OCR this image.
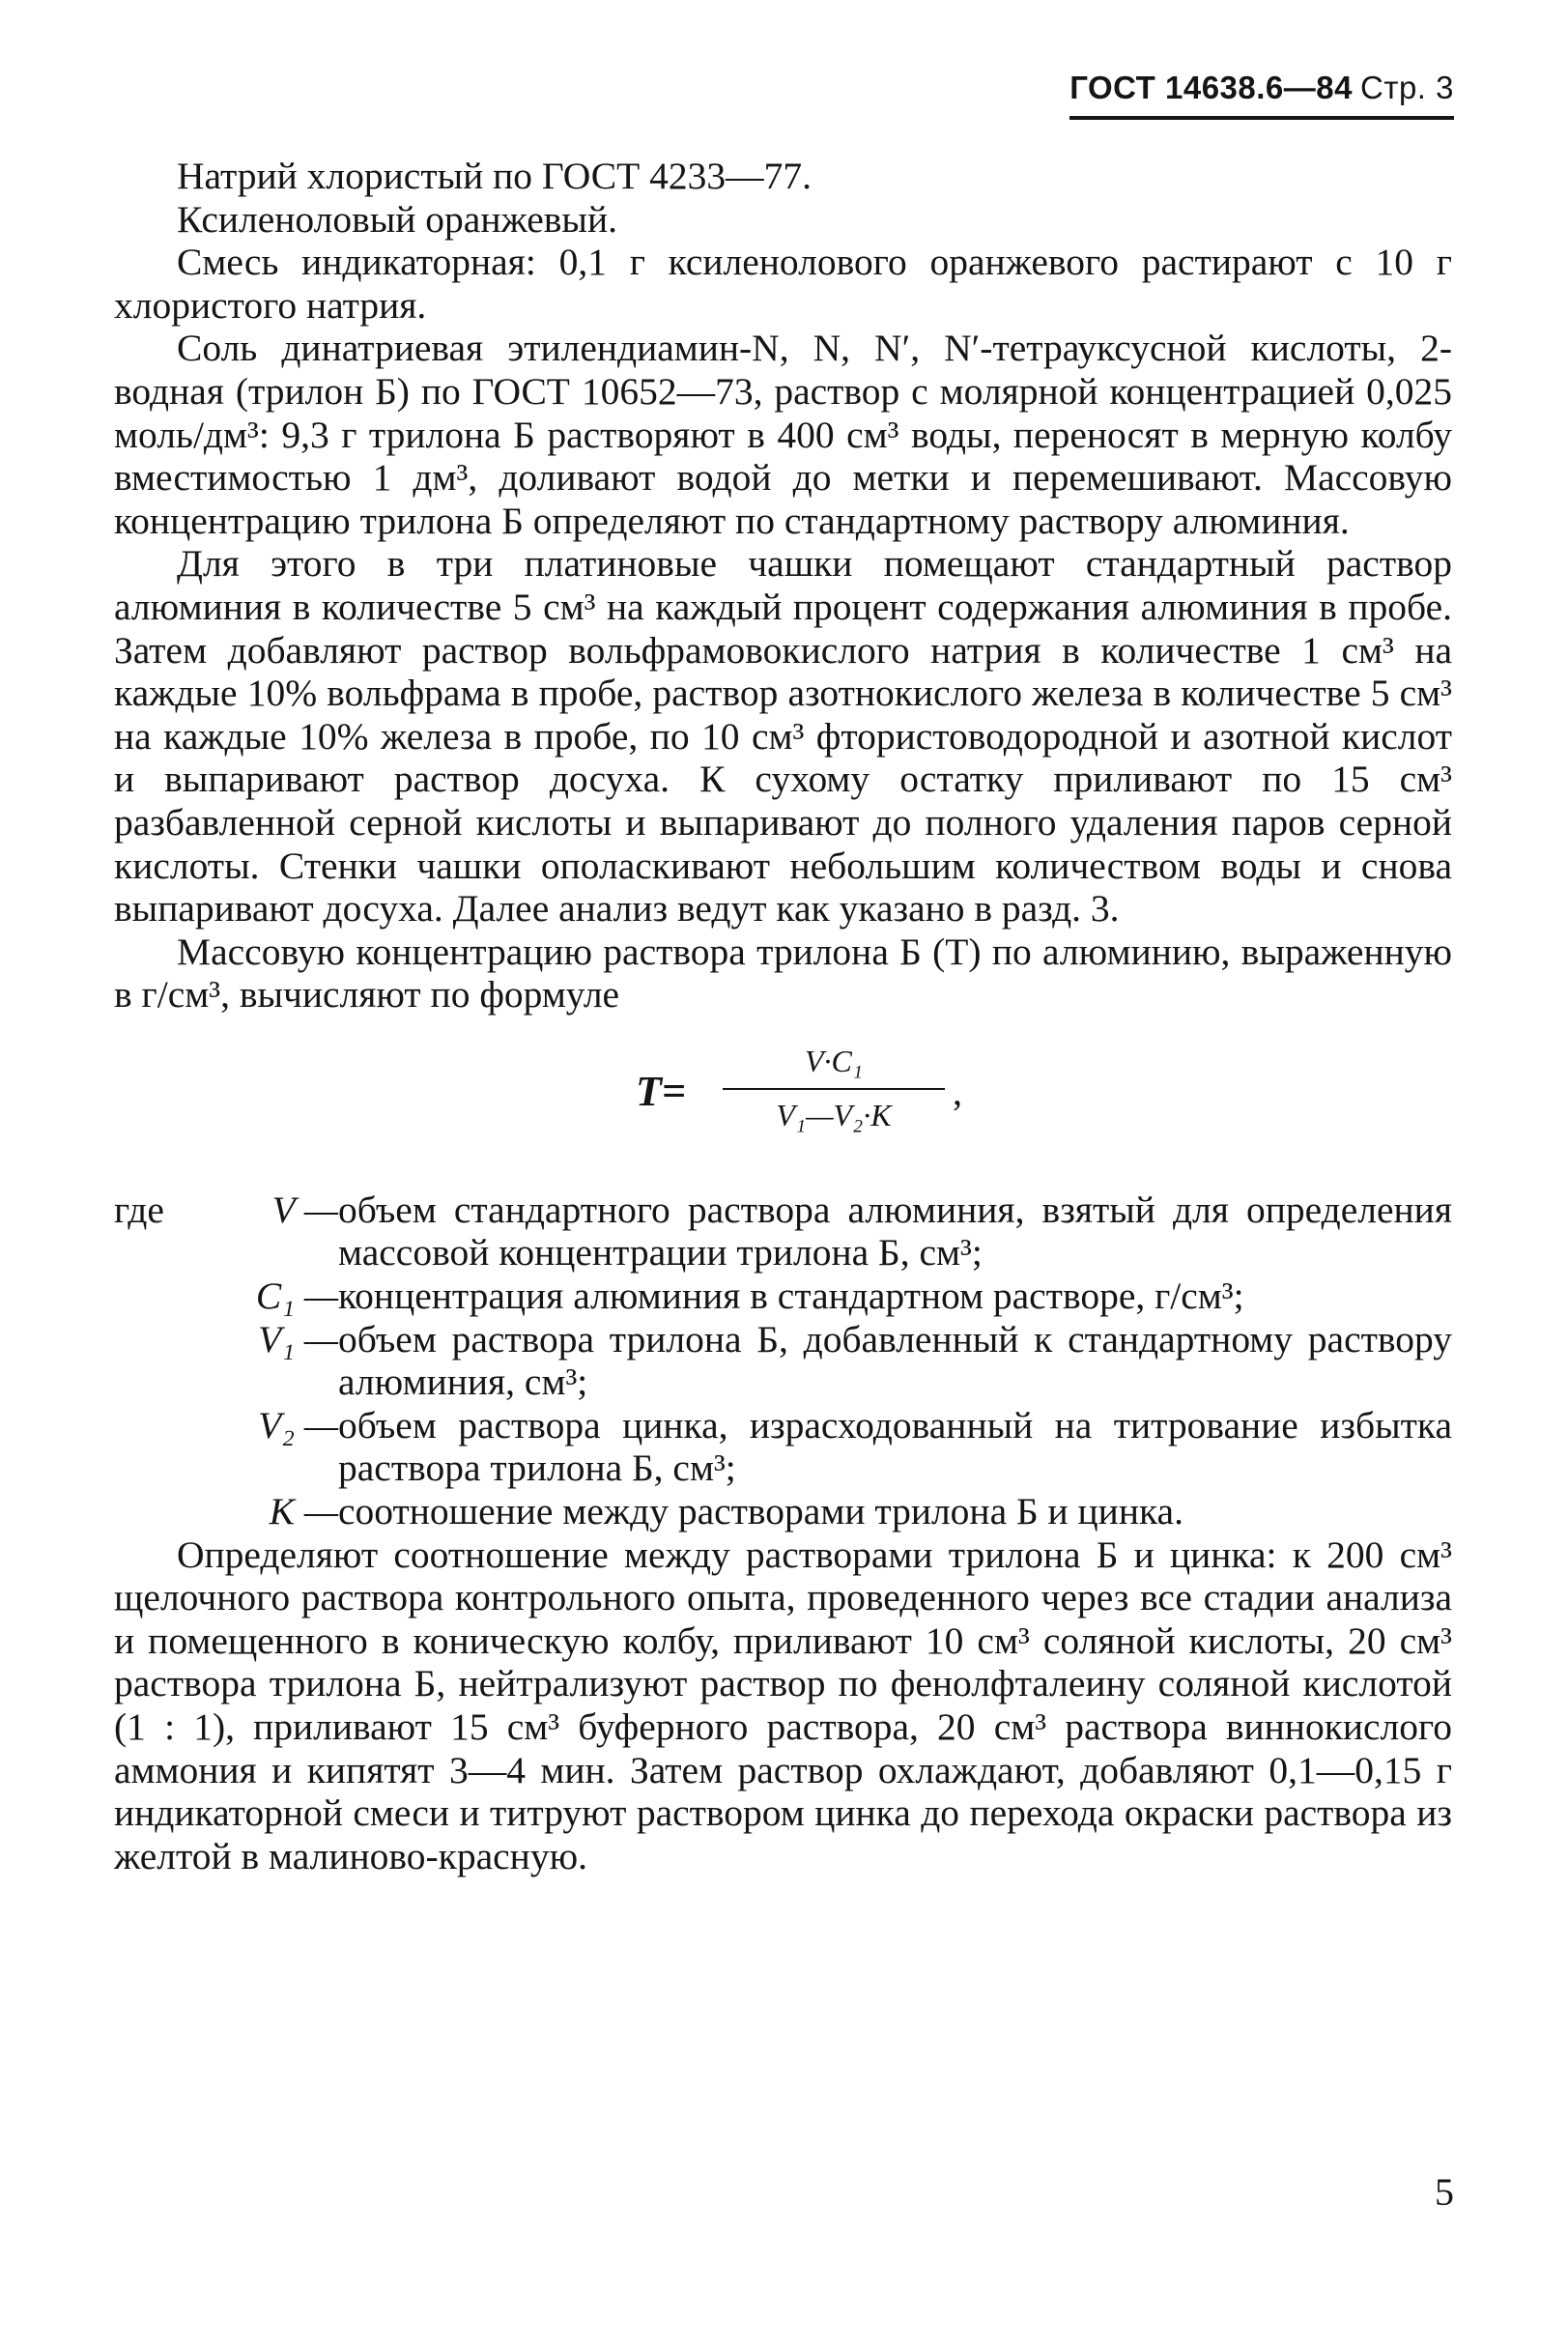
ГОСТ 14638.6—84 Стр. 3

Натрий хлористый по ГОСТ 4233—77.

Ксиленоловый оранжевый.

Смесь индикаторная: 0,1 г ксиленолового оранжевого растирают с 10 г хлористого натрия.

Соль динатриевая этилендиамин-N, N, N′, N′-тетрауксусной кислоты, 2-водная (трилон Б) по ГОСТ 10652—73, раствор с молярной концентрацией 0,025 моль/дм³: 9,3 г трилона Б растворяют в 400 см³ воды, переносят в мерную колбу вместимостью 1 дм³, доливают водой до метки и перемешивают. Массовую концентрацию трилона Б определяют по стандартному раствору алюминия.

Для этого в три платиновые чашки помещают стандартный раствор алюминия в количестве 5 см³ на каждый процент содержания алюминия в пробе. Затем добавляют раствор вольфрамовокислого натрия в количестве 1 см³ на каждые 10% вольфрама в пробе, раствор азотнокислого железа в количестве 5 см³ на каждые 10% железа в пробе, по 10 см³ фтористоводородной и азотной кислот и выпаривают раствор досуха. К сухому остатку приливают по 15 см³ разбавленной серной кислоты и выпаривают до полного удаления паров серной кислоты. Стенки чашки ополаскивают небольшим количеством воды и снова выпаривают досуха. Далее анализ ведут как указано в разд. 3.

Массовую концентрацию раствора трилона Б (T) по алюминию, выраженную в г/см³, вычисляют по формуле

$T= \frac{\text{V·C₁}}{\text{V₁—V₂·K}}$ ,
где	V — объем стандартного раствора алюминия, взятый для определения массовой концентрации трилона Б, см³;
C₁ — концентрация алюминия в стандартном растворе, г/см³;
V₁ — объем раствора трилона Б, добавленный к стандартному раствору алюминия, см³;
V₂ — объем раствора цинка, израсходованный на титрование избытка раствора трилона Б, см³;
K — соотношение между растворами трилона Б и цинка.

Определяют соотношение между растворами трилона Б и цинка: к 200 см³ щелочного раствора контрольного опыта, проведенного через все стадии анализа и помещенного в коническую колбу, приливают 10 см³ соляной кислоты, 20 см³ раствора трилона Б, нейтрализуют раствор по фенолфталеину соляной кислотой (1 : 1), приливают 15 см³ буферного раствора, 20 см³ раствора виннокислого аммония и кипятят 3—4 мин. Затем раствор охлаждают, добавляют 0,1—0,15 г индикаторной смеси и титруют раствором цинка до перехода окраски раствора из желтой в малиново-красную.

5
